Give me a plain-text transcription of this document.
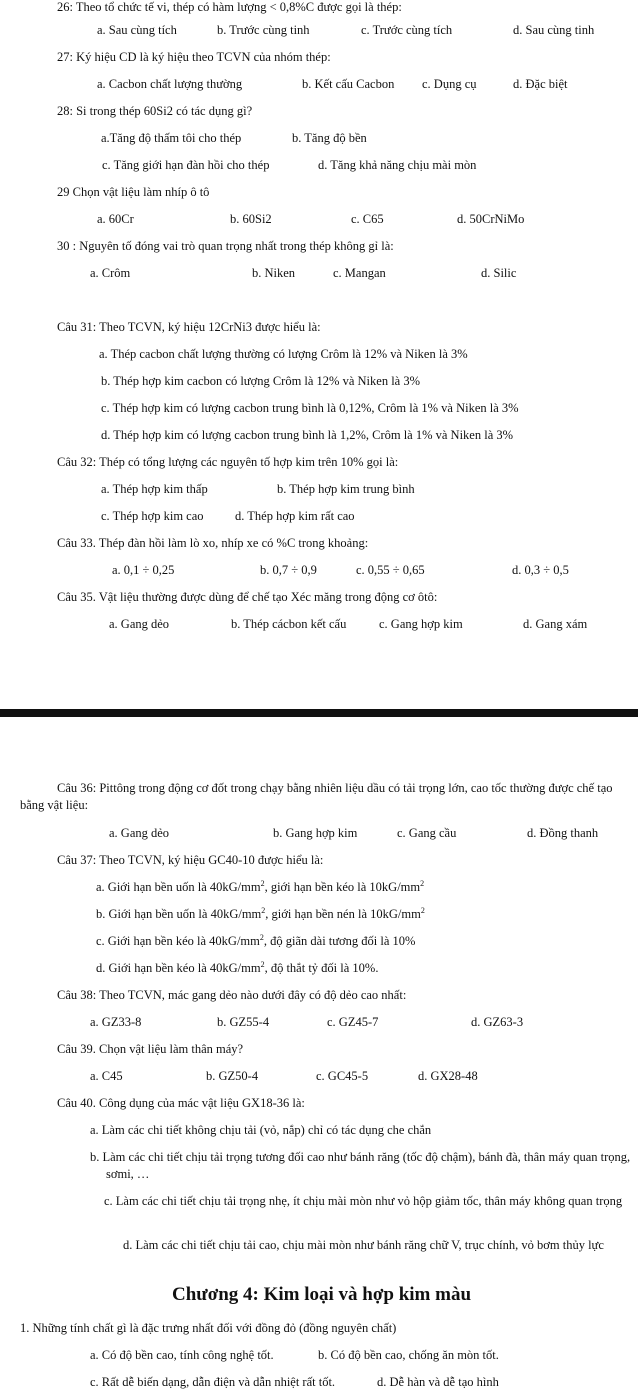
26: Theo tổ chức tế vi, thép có hàm lượng < 0,8%C được gọi là thép:
a. Sau cùng tích	b. Trước cùng tinh	c. Trước cùng tích	d. Sau cùng tinh
27: Ký hiệu CD là ký hiệu theo TCVN của nhóm thép:
a. Cacbon chất lượng thường	b. Kết cấu Cacbon c. Dụng cụ	d. Đặc biệt
28: Si trong thép 60Si2 có tác dụng gì?
a.Tăng độ thấm tôi cho thép	b. Tăng độ bền
c. Tăng giới hạn đàn hồi cho thép	d. Tăng khả năng chịu mài mòn
29 Chọn vật liệu làm nhíp ô tô
a. 60Cr	b. 60Si2	c. C65	d. 50CrNiMo
30 : Nguyên tố đóng vai trò quan trọng nhất trong thép không gỉ là:
a. Crôm	b. Niken	c. Mangan	d. Silic
Câu 31: Theo TCVN, ký hiệu 12CrNi3 được hiểu là:
a. Thép cacbon chất lượng thường có lượng Crôm là 12% và Niken là 3%
b. Thép hợp kim cacbon có lượng Crôm là 12% và Niken là 3%
c. Thép hợp kim có lượng cacbon trung bình là 0,12%, Crôm là 1% và Niken là 3%
d. Thép hợp kim có lượng cacbon trung bình là 1,2%, Crôm là 1% và Niken là 3%
Câu 32: Thép có tổng lượng các nguyên tố hợp kim trên 10% gọi là:
a. Thép hợp kim thấp	b. Thép hợp kim trung bình
c. Thép hợp kim cao	d. Thép hợp kim rất cao
Câu 33. Thép đàn hồi làm lò xo, nhíp xe có %C trong khoảng:
a. 0,1 ÷ 0,25	b. 0,7 ÷ 0,9	c. 0,55 ÷ 0,65	d. 0,3 ÷ 0,5
Câu 35. Vật liệu thường được dùng để chế tạo Xéc măng trong động cơ ôtô:
a. Gang dẻo	b. Thép cácbon kết cấu	c. Gang hợp kim	d. Gang xám
Câu 36: Pittông trong động cơ đốt trong chạy bằng nhiên liệu dầu có tải trọng lớn, cao tốc thường được chế tạo bằng vật liệu:
a. Gang dẻo	b. Gang hợp kim	c. Gang cầu	d. Đồng thanh
Câu 37: Theo TCVN, ký hiệu GC40-10 được hiểu là:
a. Giới hạn bền uốn là $40kG/mm^2$, giới hạn bền kéo là $10kG/mm^2$
b. Giới hạn bền uốn là $40kG/mm^2$, giới hạn bền nén là $10kG/mm^2$
c. Giới hạn bền kéo là $40kG/mm^2$, độ giãn dài tương đối là 10%
d. Giới hạn bền kéo là $40kG/mm^2$, độ thắt tỷ đối là 10%.
Câu 38: Theo TCVN, mác gang dẻo nào dưới đây có độ dẻo cao nhất:
a. GZ33-8	b. GZ55-4	c. GZ45-7	d. GZ63-3
Câu 39. Chọn vật liệu làm thân máy?
a. C45	b. GZ50-4	c. GC45-5	d. GX28-48
Câu 40. Công dụng của mác vật liệu GX18-36 là:
a. Làm các chi tiết không chịu tải (vỏ, nắp) chỉ có tác dụng che chắn
b. Làm các chi tiết chịu tải trọng tương đối cao như bánh răng (tốc độ chậm), bánh đà, thân máy quan trọng, sơmi, …
c. Làm các chi tiết chịu tải trọng nhẹ, ít chịu mài mòn như vỏ hộp giảm tốc, thân máy không quan trọng
d. Làm các chi tiết chịu tải cao, chịu mài mòn như bánh răng chữ V, trục chính, vỏ bơm thủy lực
Chương 4: Kim loại và hợp kim màu
1. Những tính chất gì là đặc trưng nhất đối với đồng đỏ (đồng nguyên chất)
a. Có độ bền cao, tính công nghệ tốt.	b. Có độ bền cao, chống ăn mòn tốt.
c. Rất dễ biến dạng, dẫn điện và dẫn nhiệt rất tốt.	d. Dễ hàn và dễ tạo hình
